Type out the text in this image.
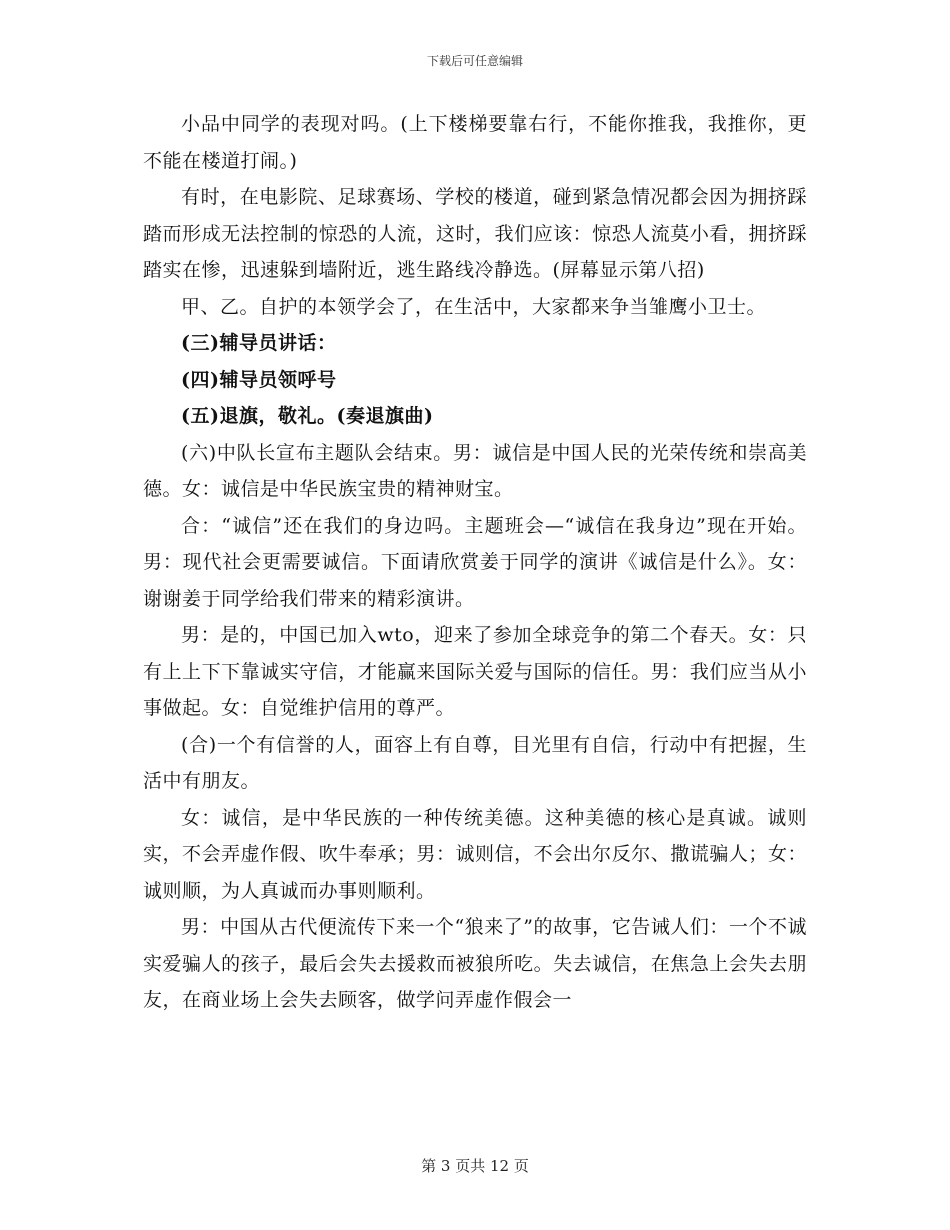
下载后可任意编辑

小品中同学的表现对吗。(上下楼梯要靠右行，不能你推我，我推你，更不能在楼道打闹。)

有时，在电影院、足球赛场、学校的楼道，碰到紧急情况都会因为拥挤踩踏而形成无法控制的惊恐的人流，这时，我们应该：惊恐人流莫小看，拥挤踩踏实在惨，迅速躲到墙附近，逃生路线冷静选。(屏幕显示第八招)

甲、乙。自护的本领学会了，在生活中，大家都来争当雏鹰小卫士。

(三)辅导员讲话：

(四)辅导员领呼号

(五)退旗，敬礼。(奏退旗曲)

(六)中队长宣布主题队会结束。男：诚信是中国人民的光荣传统和崇高美德。女：诚信是中华民族宝贵的精神财宝。

合：“诚信”还在我们的身边吗。主题班会—“诚信在我身边”现在开始。男：现代社会更需要诚信。下面请欣赏姜于同学的演讲《诚信是什么》。女：谢谢姜于同学给我们带来的精彩演讲。

男：是的，中国已加入wto，迎来了参加全球竞争的第二个春天。女：只有上上下下靠诚实守信，才能赢来国际关爱与国际的信任。男：我们应当从小事做起。女：自觉维护信用的尊严。

(合)一个有信誉的人，面容上有自尊，目光里有自信，行动中有把握，生活中有朋友。

女：诚信，是中华民族的一种传统美德。这种美德的核心是真诚。诚则实，不会弄虚作假、吹牛奉承；男：诚则信，不会出尔反尔、撒谎骗人；女：诚则顺，为人真诚而办事则顺利。

男：中国从古代便流传下来一个“狼来了”的故事，它告诫人们：一个不诚实爱骗人的孩子，最后会失去援救而被狼所吃。失去诚信，在焦急上会失去朋友，在商业场上会失去顾客，做学问弄虚作假会一

第 3 页共 12 页
